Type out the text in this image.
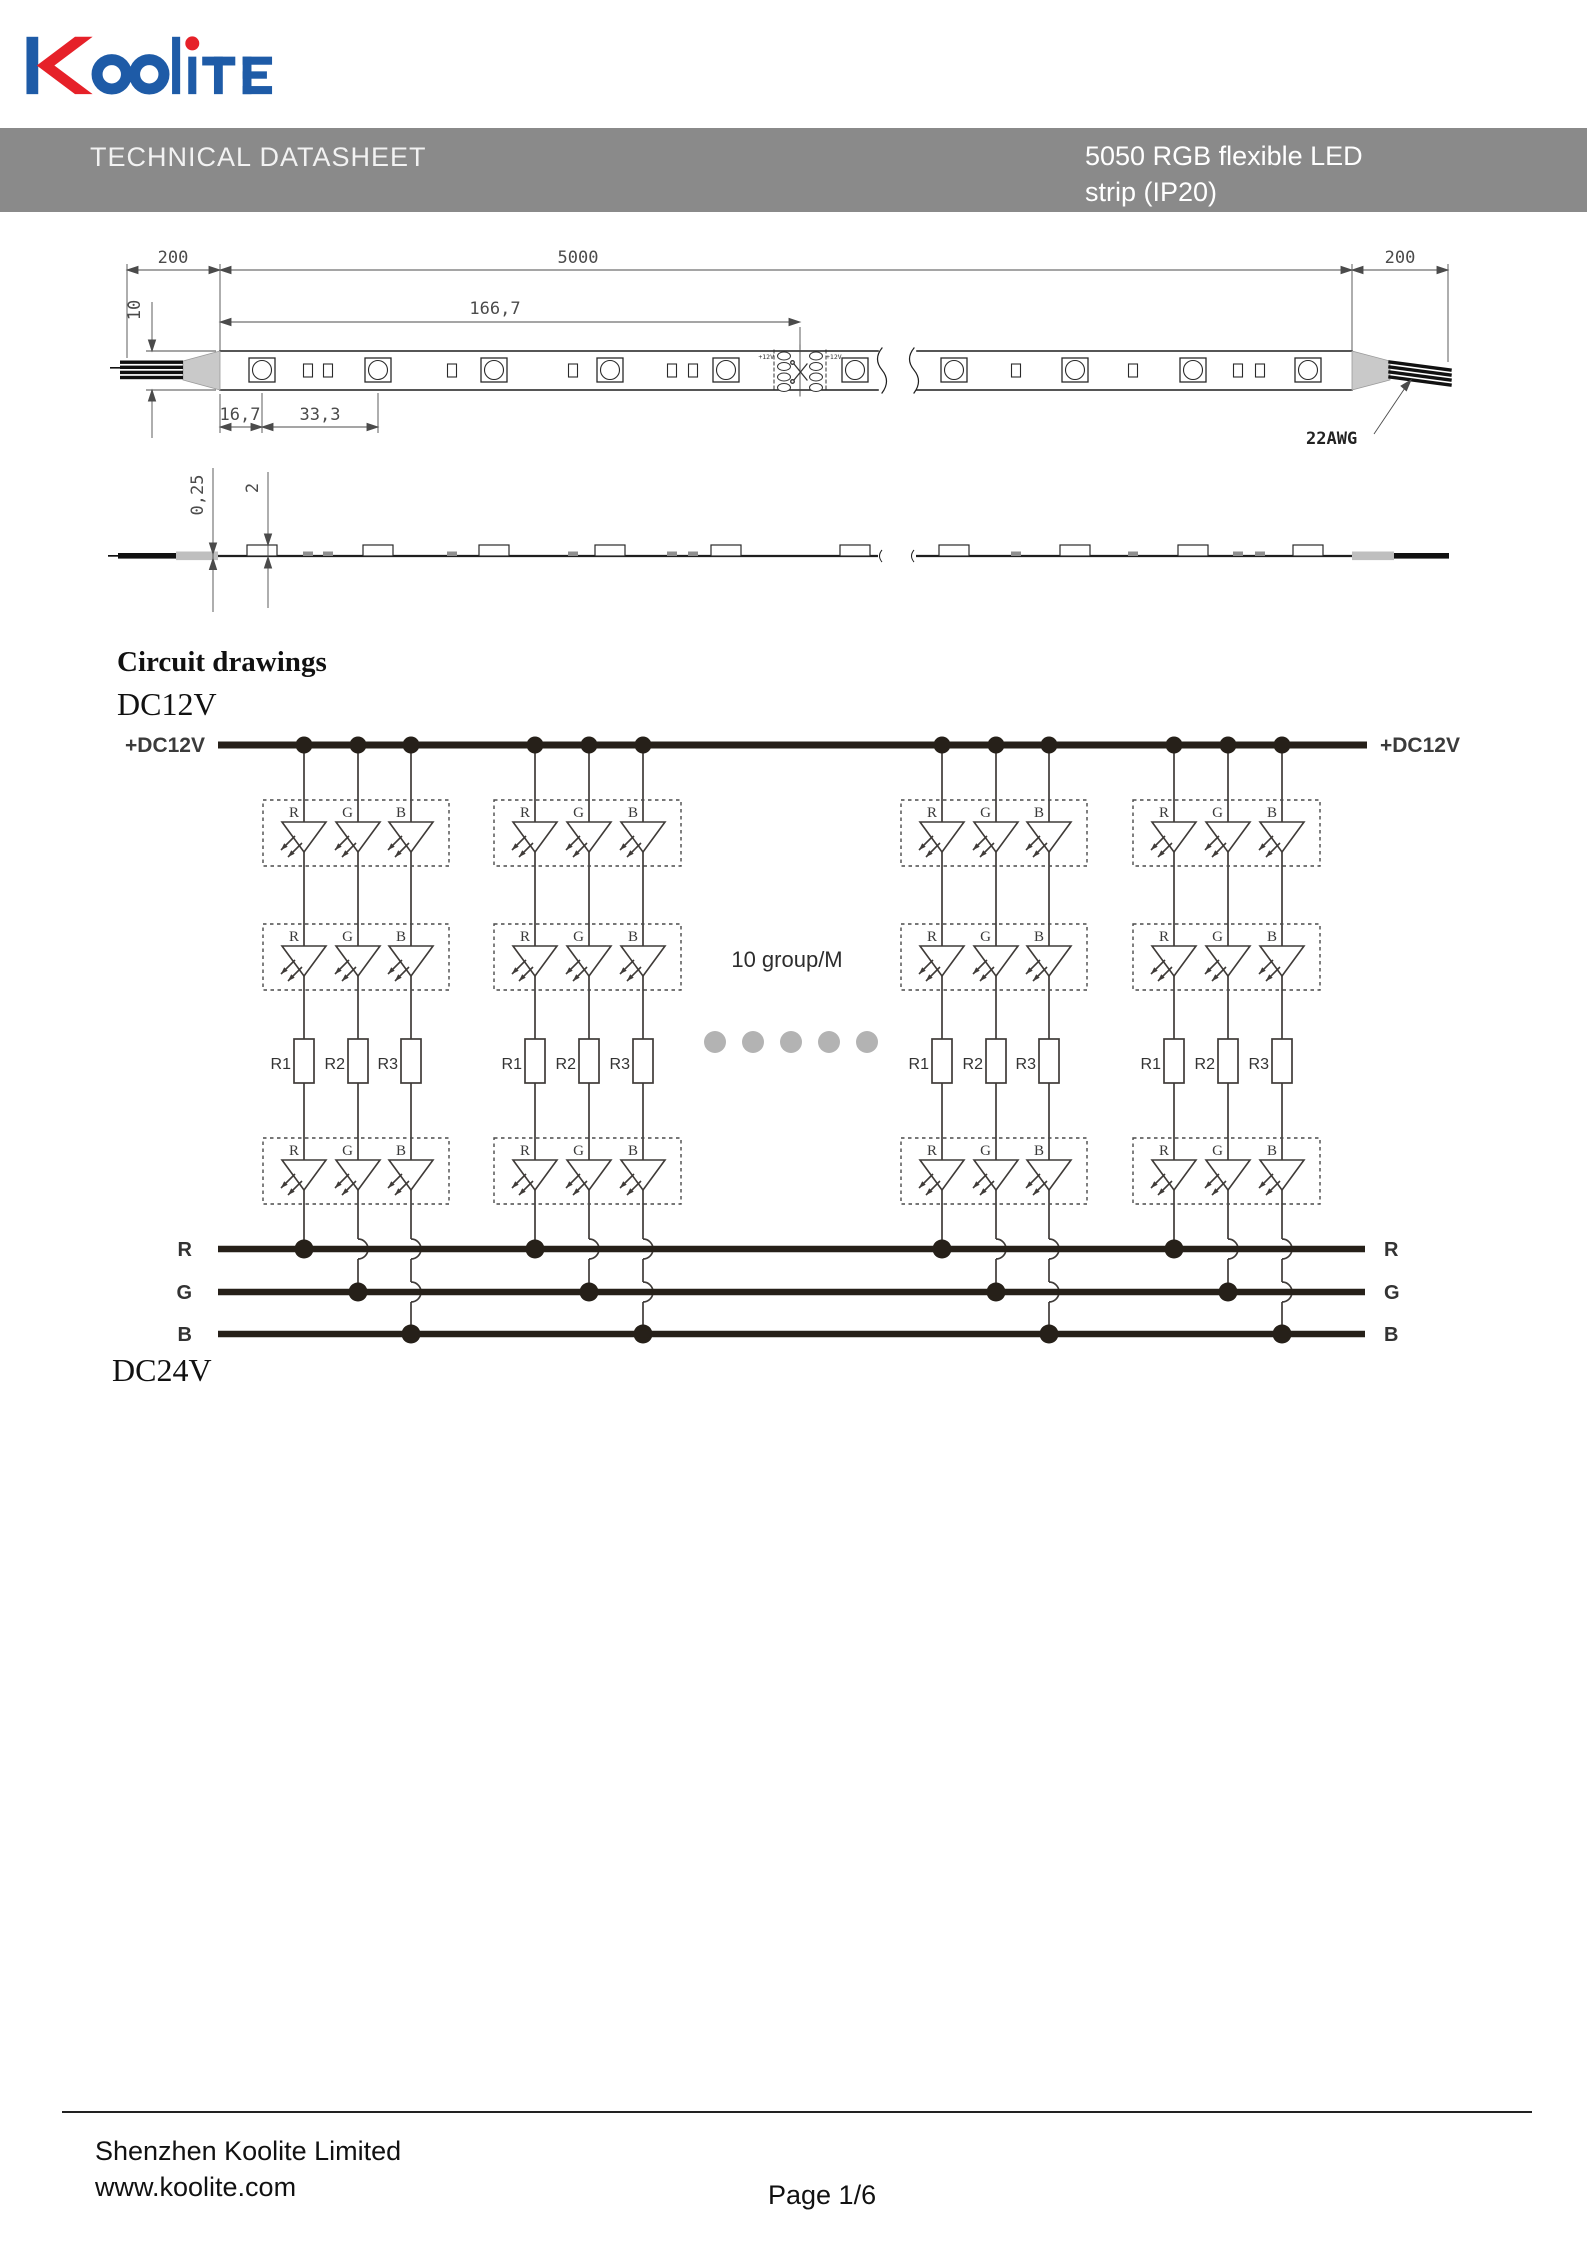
TECHNICAL DATASHEET	5050 RGB flexible LED
strip (IP20)
Circuit drawings
DC12V
DC24V
+12V	+12V
200	5000	200
166,7
10
16,7 33,3
22AWG
0,25 2
+DC12V	+DC12V
R	G	B
R	G	B
R	G	B
R1 R2 R3
R	G	B
R	G	B
R	G	B
R1 R2 R3
R	G	B
R	G	B
R	G	B
R1 R2 R3
R	G	B
R	G	B
R	G	B
R1 R2 R3
R	R
G	G
B	B
10 group/M
Shenzhen Koolite Limited
www.koolite.com	Page 1/6
